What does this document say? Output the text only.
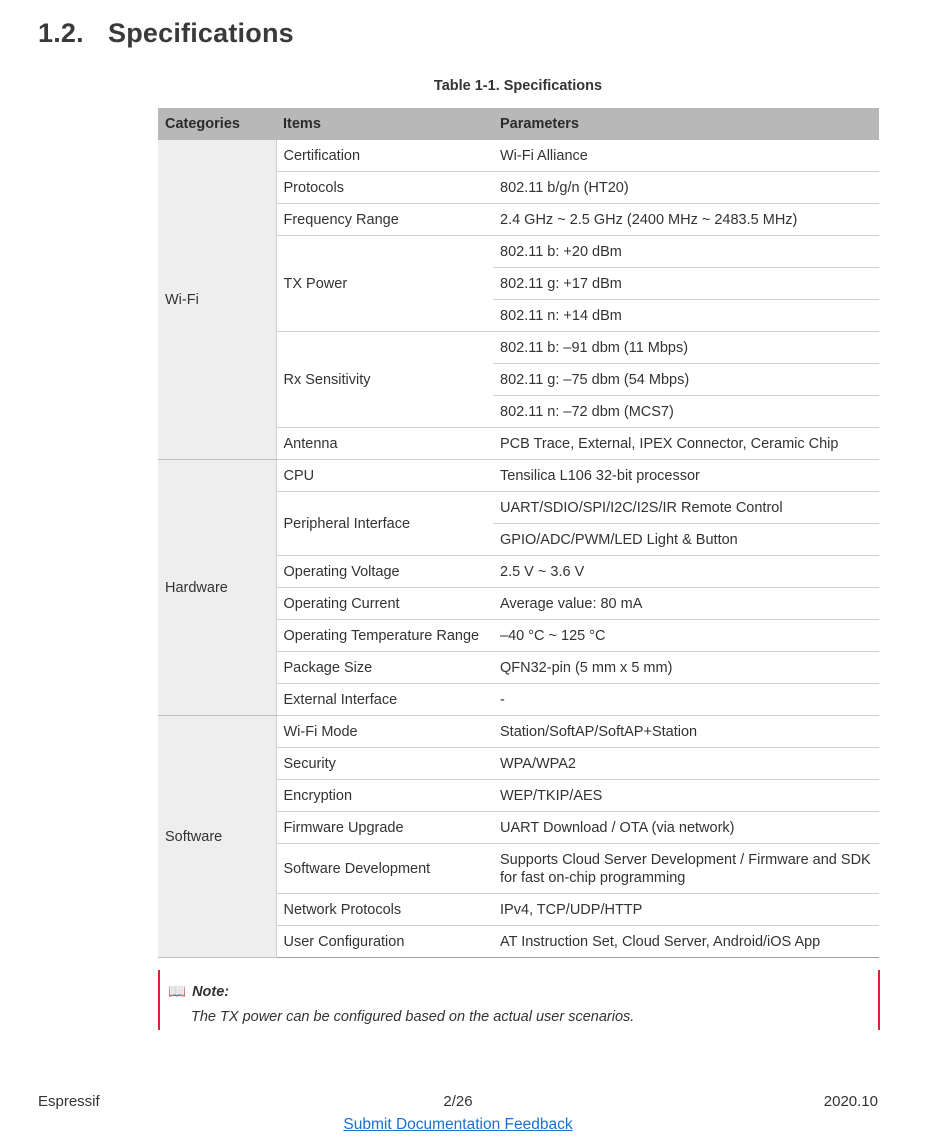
1.2. Specifications
Table 1-1. Specifications
Categories	Items	Parameters
Wi-Fi	Certification	Wi-Fi Alliance
	Protocols	802.11 b/g/n (HT20)
	Frequency Range	2.4 GHz ~ 2.5 GHz (2400 MHz ~ 2483.5 MHz)
	TX Power	802.11 b: +20 dBm
		802.11 g: +17 dBm
		802.11 n: +14 dBm
	Rx Sensitivity	802.11 b: –91 dbm (11 Mbps)
		802.11 g: –75 dbm (54 Mbps)
		802.11 n: –72 dbm (MCS7)
	Antenna	PCB Trace, External, IPEX Connector, Ceramic Chip
Hardware	CPU	Tensilica L106 32-bit processor
	Peripheral Interface	UART/SDIO/SPI/I2C/I2S/IR Remote Control
		GPIO/ADC/PWM/LED Light & Button
	Operating Voltage	2.5 V ~ 3.6 V
	Operating Current	Average value: 80 mA
	Operating Temperature Range	–40 °C ~ 125 °C
	Package Size	QFN32-pin (5 mm x 5 mm)
	External Interface	-
Software	Wi-Fi Mode	Station/SoftAP/SoftAP+Station
	Security	WPA/WPA2
	Encryption	WEP/TKIP/AES
	Firmware Upgrade	UART Download / OTA (via network)
	Software Development	Supports Cloud Server Development / Firmware and SDK
for fast on-chip programming
	Network Protocols	IPv4, TCP/UDP/HTTP
	User Configuration	AT Instruction Set, Cloud Server, Android/iOS App
📖 Note:
The TX power can be configured based on the actual user scenarios.
Espressif	2/26	2020.10
Submit Documentation Feedback
